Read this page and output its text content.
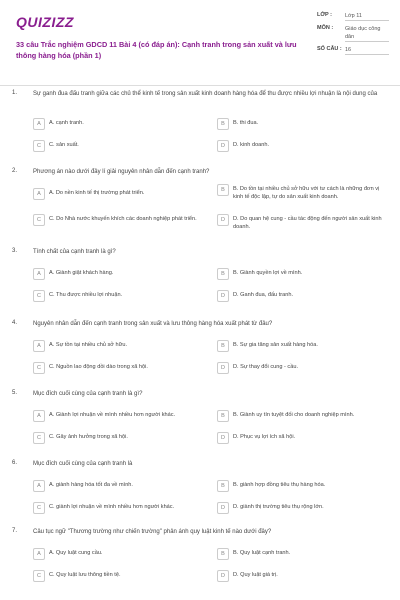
QUIZIZZ
33 câu Trắc nghiệm GDCD 11 Bài 4 (có đáp án): Cạnh tranh trong sản xuất và lưu thông hàng hóa (phần 1)
LỚP :	Lớp 11
MÔN :	Giáo dục công dân
SỐ CÂU : 16
1.	Sự ganh đua đấu tranh giữa các chủ thể kinh tế trong sản xuất kinh doanh hàng hóa để thu được nhiều lợi nhuận là nội dung của
A	A. cạnh tranh.	B	B. thi đua.
C	C. sản xuất.	D	D. kinh doanh.
2.	Phương án nào dưới đây lí giải nguyên nhân dẫn đến cạnh tranh?
A	A. Do nền kinh tế thị trường phát triển.	B	B. Do tồn tại nhiều chủ sở hữu với tư cách là những đơn vị kinh tế độc lập, tự do sản xuất kinh doanh.
C	C. Do Nhà nước khuyến khích các doanh nghiệp phát triển.	D	D. Do quan hệ cung - cầu tác động đến người sản xuất kinh doanh.
3.	Tính chất của cạnh tranh là gì?
A	A. Giành giật khách hàng.	B	B. Giành quyền lợi về mình.
C	C. Thu được nhiều lợi nhuận.	D	D. Ganh đua, đấu tranh.
4.	Nguyên nhân dẫn đến cạnh tranh trong sản xuất và lưu thông hàng hóa xuất phát từ đâu?
A	A. Sự tồn tại nhiều chủ sở hữu.	B	B. Sự gia tăng sản xuất hàng hóa.
C	C. Nguồn lao động dồi dào trong xã hội.	D	D. Sự thay đổi cung - cầu.
5.	Mục đích cuối cùng của cạnh tranh là gì?
A	A. Giành lợi nhuận về mình nhiều hơn người khác.	B	B. Giành uy tín tuyệt đối cho doanh nghiệp mình.
C	C. Gây ảnh hưởng trong xã hội.	D	D. Phục vụ lợi ích xã hội.
6.	Mục đích cuối cùng của cạnh tranh là
A	A. giành hàng hóa tốt đa về mình.	B	B. giành hợp đồng tiêu thụ hàng hóa.
C	C. giành lợi nhuận về mình nhiều hơn người khác.	D	D. giành thị trường tiêu thụ rộng lớn.
7.	Câu tục ngữ "Thương trường như chiến trường" phản ánh quy luật kinh tế nào dưới đây?
A	A. Quy luật cung cầu.	B	B. Quy luật cạnh tranh.
C	C. Quy luật lưu thông tiền tệ.	D	D. Quy luật giá trị.
